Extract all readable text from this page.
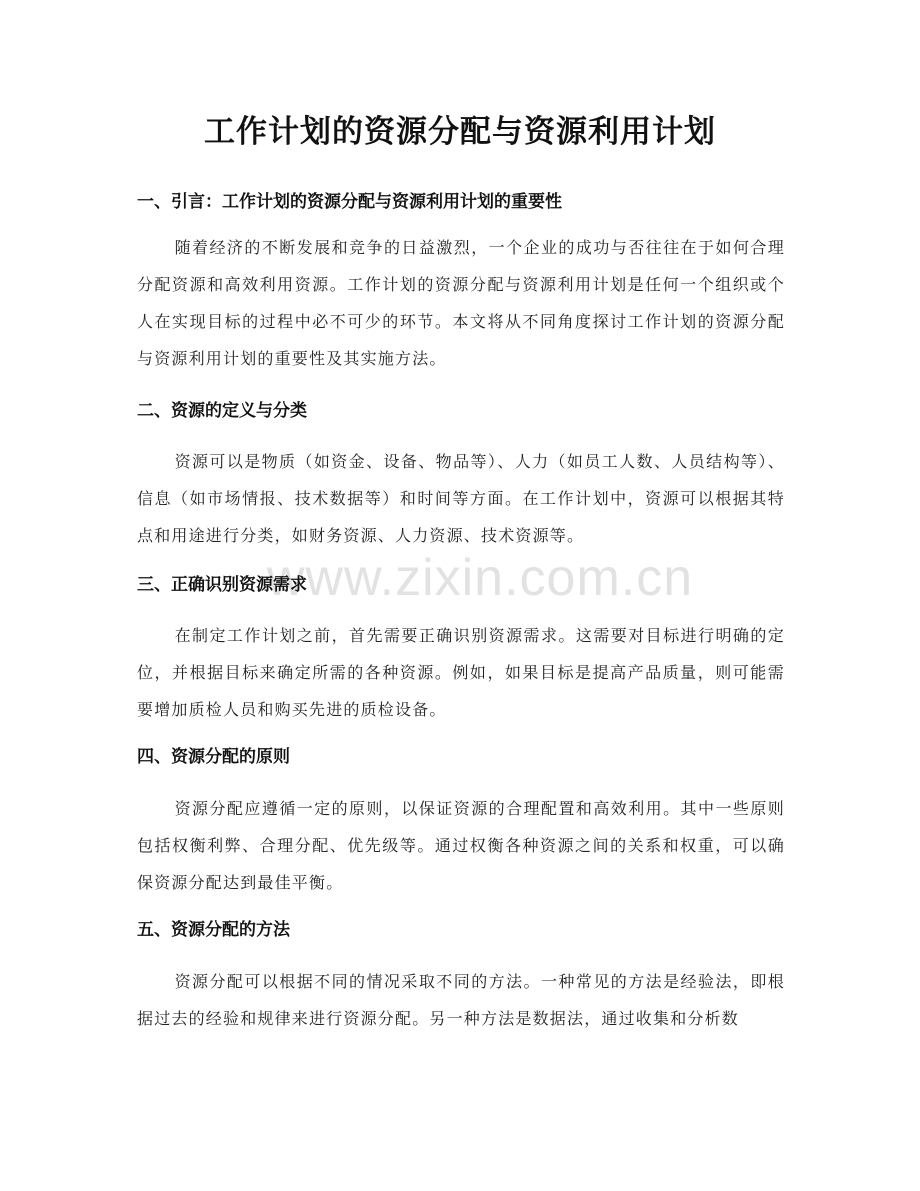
www.zixin.com.cn
工作计划的资源分配与资源利用计划
一、引言：工作计划的资源分配与资源利用计划的重要性

随着经济的不断发展和竞争的日益激烈，一个企业的成功与否往往在于如何合理分配资源和高效利用资源。工作计划的资源分配与资源利用计划是任何一个组织或个人在实现目标的过程中必不可少的环节。本文将从不同角度探讨工作计划的资源分配与资源利用计划的重要性及其实施方法。

二、资源的定义与分类

资源可以是物质（如资金、设备、物品等）、人力（如员工人数、人员结构等）、信息（如市场情报、技术数据等）和时间等方面。在工作计划中，资源可以根据其特点和用途进行分类，如财务资源、人力资源、技术资源等。

三、正确识别资源需求

在制定工作计划之前，首先需要正确识别资源需求。这需要对目标进行明确的定位，并根据目标来确定所需的各种资源。例如，如果目标是提高产品质量，则可能需要增加质检人员和购买先进的质检设备。

四、资源分配的原则

资源分配应遵循一定的原则，以保证资源的合理配置和高效利用。其中一些原则包括权衡利弊、合理分配、优先级等。通过权衡各种资源之间的关系和权重，可以确保资源分配达到最佳平衡。

五、资源分配的方法

资源分配可以根据不同的情况采取不同的方法。一种常见的方法是经验法，即根据过去的经验和规律来进行资源分配。另一种方法是数据法，通过收集和分析数
